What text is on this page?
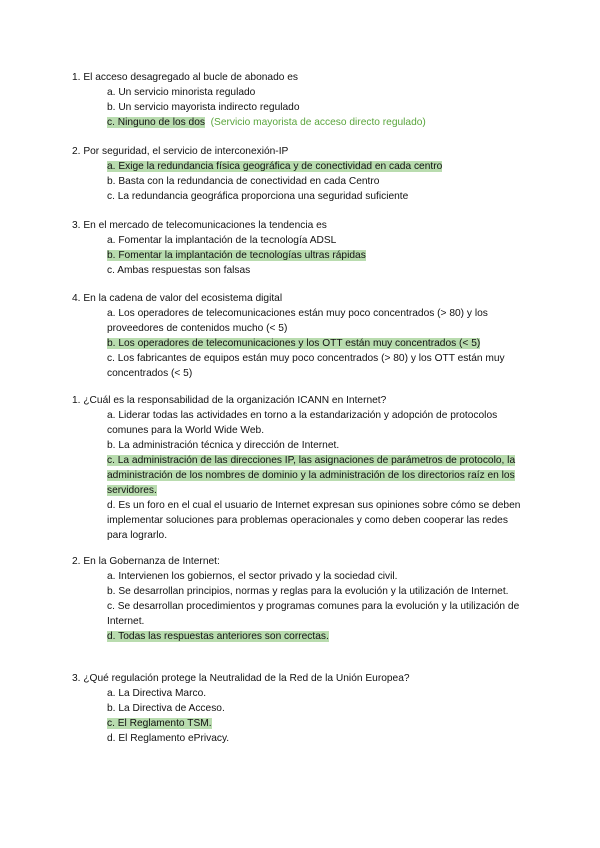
1. El acceso desagregado al bucle de abonado es
a. Un servicio minorista regulado
b. Un servicio mayorista indirecto regulado
c. Ninguno de los dos (Servicio mayorista de acceso directo regulado)
2. Por seguridad, el servicio de interconexión-IP
a. Exige la redundancia física geográfica y de conectividad en cada centro
b. Basta con la redundancia de conectividad en cada Centro
c. La redundancia geográfica proporciona una seguridad suficiente
3. En el mercado de telecomunicaciones la tendencia es
a. Fomentar la implantación de la tecnología ADSL
b. Fomentar la implantación de tecnologías ultras rápidas
c. Ambas respuestas son falsas
4. En la cadena de valor del ecosistema digital
a. Los operadores de telecomunicaciones están muy poco concentrados (> 80) y los proveedores de contenidos mucho (< 5)
b. Los operadores de telecomunicaciones y los OTT están muy concentrados (< 5)
c. Los fabricantes de equipos están muy poco concentrados (> 80) y los OTT están muy concentrados (< 5)
1. ¿Cuál es la responsabilidad de la organización ICANN en Internet?
a. Liderar todas las actividades en torno a la estandarización y adopción de protocolos comunes para la World Wide Web.
b. La administración técnica y dirección de Internet.
c. La administración de las direcciones IP, las asignaciones de parámetros de protocolo, la administración de los nombres de dominio y la administración de los directorios raíz en los servidores.
d. Es un foro en el cual el usuario de Internet expresan sus opiniones sobre cómo se deben implementar soluciones para problemas operacionales y como deben cooperar las redes para lograrlo.
2. En la Gobernanza de Internet:
a. Intervienen los gobiernos, el sector privado y la sociedad civil.
b. Se desarrollan principios, normas y reglas para la evolución y la utilización de Internet.
c. Se desarrollan procedimientos y programas comunes para la evolución y la utilización de Internet.
d. Todas las respuestas anteriores son correctas.
3. ¿Qué regulación protege la Neutralidad de la Red de la Unión Europea?
a. La Directiva Marco.
b. La Directiva de Acceso.
c. El Reglamento TSM.
d. El Reglamento ePrivacy.
